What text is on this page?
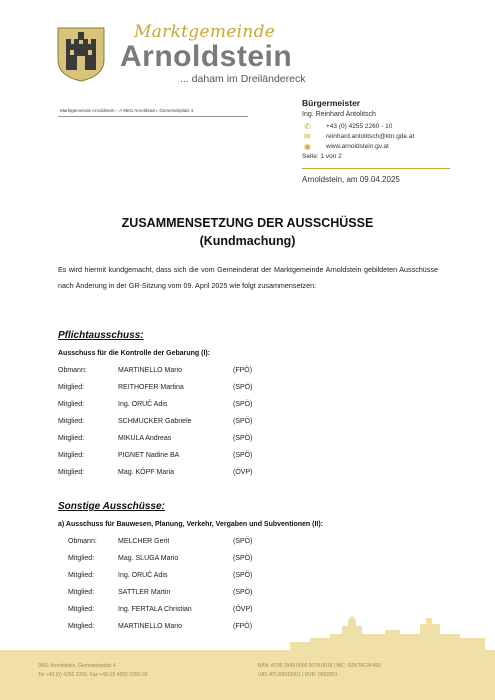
Marktgemeinde
Arnoldstein
... daham im Dreiländereck
Marktgemeinde Arnoldstein – A 9601 Arnoldstein, Gemeindeplatz 4
Bürgermeister
Ing. Reinhard Antolitsch
✆	+43 (0) 4255 2260 - 10
✉	reinhard.antolitsch@ktn.gde.at
◉	www.arnoldstein.gv.at
Seite: 1 von 2
Arnoldstein, am 09.04.2025
ZUSAMMENSETZUNG DER AUSSCHÜSSE
(Kundmachung)
Es wird hiermit kundgemacht, dass sich die vom Gemeinderat der Marktgemeinde Arnoldstein gebildeten Ausschüsse nach Änderung in der GR-Sitzung vom 09. April 2025 wie folgt zusammensetzen:
Pflichtausschuss:
Ausschuss für die Kontrolle der Gebarung (I):
Obmann:	MARTINELLO Mario	(FPÖ)
Mitglied:	REITHOFER Martina	(SPÖ)
Mitglied:	Ing. ORUČ Adis	(SPÖ)
Mitglied:	SCHMUCKER Gabriele	(SPÖ)
Mitglied:	MIKULA Andreas	(SPÖ)
Mitglied:	PIGNET Nadine BA	(SPÖ)
Mitglied:	Mag. KÖPF Maria	(ÖVP)
Sonstige Ausschüsse:
a) Ausschuss für Bauwesen, Planung, Verkehr, Vergaben und Subventionen (II):
Obmann:	MELCHER Gerit	(SPÖ)
Mitglied:	Mag. SLUGA Mario	(SPÖ)
Mitglied:	Ing. ORUČ Adis	(SPÖ)
Mitglied:	SATTLER Martin	(SPÖ)
Mitglied:	Ing. FERTALA Christian	(ÖVP)
Mitglied:	MARTINELLO Mario	(FPÖ)
9601 Arnoldstein, Gemeindeplatz 4
Tel +43 (0) 4255 2260, Fax +43 (0) 4255 2260-33
BAN: AT36 3949 0000 0078 0018 | BIC: RZKTAT2K490
UID: ATU26011001 | DVR: 0002801
